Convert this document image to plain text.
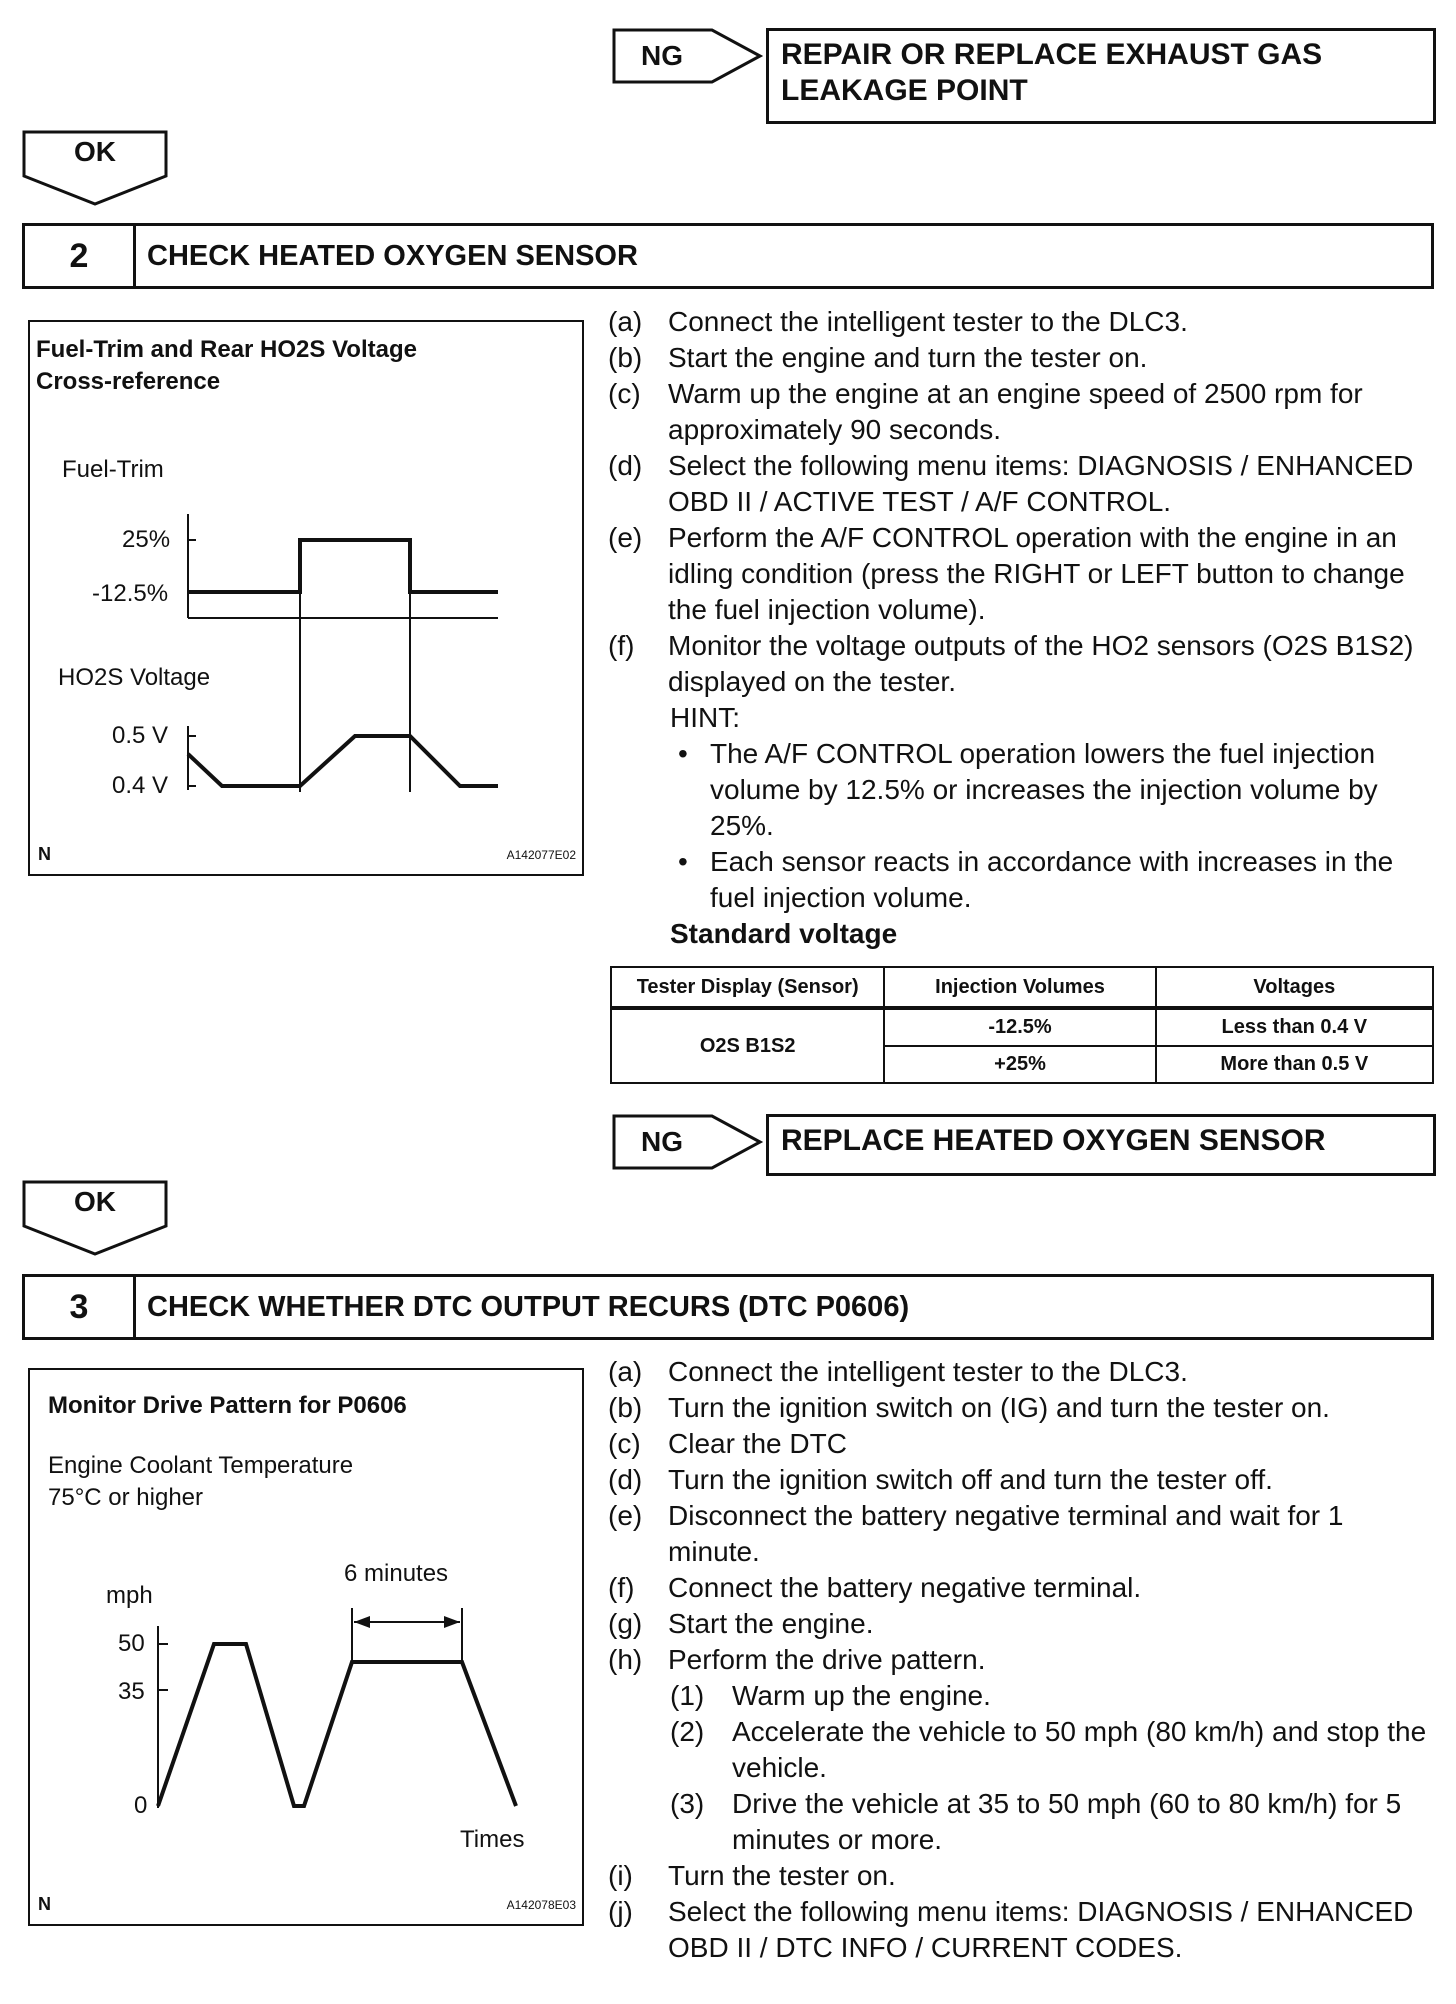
NG	REPAIR OR REPLACE EXHAUST GAS
LEAKAGE POINT
OK
2	CHECK HEATED OXYGEN SENSOR
Fuel-Trim and Rear HO2S Voltage
Cross-reference
Fuel-Trim
25%
-12.5%
HO2S Voltage
0.5 V
0.4 V
N	A142077E02
(a) Connect the intelligent tester to the DLC3.
(b) Start the engine and turn the tester on.
(c) Warm up the engine at an engine speed of 2500 rpm for approximately 90 seconds.
(d) Select the following menu items: DIAGNOSIS / ENHANCED OBD II / ACTIVE TEST / A/F CONTROL.
(e) Perform the A/F CONTROL operation with the engine in an idling condition (press the RIGHT or LEFT button to change the fuel injection volume).
(f)	Monitor the voltage outputs of the HO2 sensors (O2S B1S2) displayed on the tester.
HINT:
• The A/F CONTROL operation lowers the fuel injection volume by 12.5% or increases the injection volume by 25%.
• Each sensor reacts in accordance with increases in the fuel injection volume.
Standard voltage
Tester Display (Sensor)	Injection Volumes	Voltages
O2S B1S2	-12.5%	Less than 0.4 V
	+25%	More than 0.5 V
NG	REPLACE HEATED OXYGEN SENSOR
OK
3	CHECK WHETHER DTC OUTPUT RECURS (DTC P0606)
Monitor Drive Pattern for P0606
Engine Coolant Temperature
75°C or higher
6 minutes
mph
50
35
0
Times
N	A142078E03
(a) Connect the intelligent tester to the DLC3.
(b) Turn the ignition switch on (IG) and turn the tester on.
(c) Clear the DTC
(d) Turn the ignition switch off and turn the tester off.
(e) Disconnect the battery negative terminal and wait for 1 minute.
(f)	Connect the battery negative terminal.
(g) Start the engine.
(h) Perform the drive pattern.
(1) Warm up the engine.
(2) Accelerate the vehicle to 50 mph (80 km/h) and stop the vehicle.
(3) Drive the vehicle at 35 to 50 mph (60 to 80 km/h) for 5 minutes or more.
(i)	Turn the tester on.
(j)	Select the following menu items: DIAGNOSIS / ENHANCED OBD II / DTC INFO / CURRENT CODES.
